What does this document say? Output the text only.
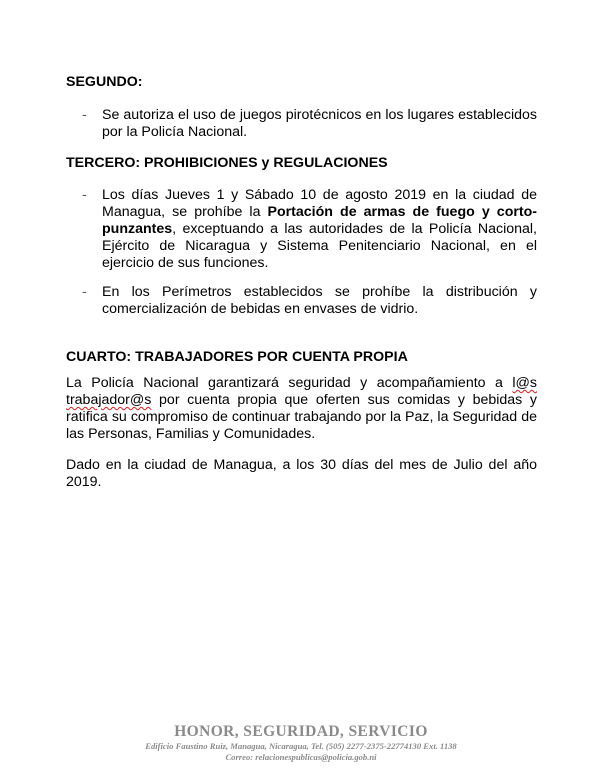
SEGUNDO:
- Se autoriza el uso de juegos pirotécnicos en los lugares establecidos por la Policía Nacional.
TERCERO: PROHIBICIONES y REGULACIONES
- Los días Jueves 1 y Sábado 10 de agosto 2019 en la ciudad de Managua, se prohíbe la Portación de armas de fuego y corto-punzantes, exceptuando a las autoridades de la Policía Nacional, Ejército de Nicaragua y Sistema Penitenciario Nacional, en el ejercicio de sus funciones.
- En los Perímetros establecidos se prohíbe la distribución y comercialización de bebidas en envases de vidrio.
CUARTO: TRABAJADORES POR CUENTA PROPIA
La Policía Nacional garantizará seguridad y acompañamiento a l@s trabajador@s por cuenta propia que oferten sus comidas y bebidas y ratifica su compromiso de continuar trabajando por la Paz, la Seguridad de las Personas, Familias y Comunidades.
Dado en la ciudad de Managua, a los 30 días del mes de Julio del año 2019.
HONOR, SEGURIDAD, SERVICIO
Edificio Faustino Ruiz, Managua, Nicaragua, Tel. (505) 2277-2375-22774130 Ext. 1138
Correo: relacionespublicas@policia.gob.ni
